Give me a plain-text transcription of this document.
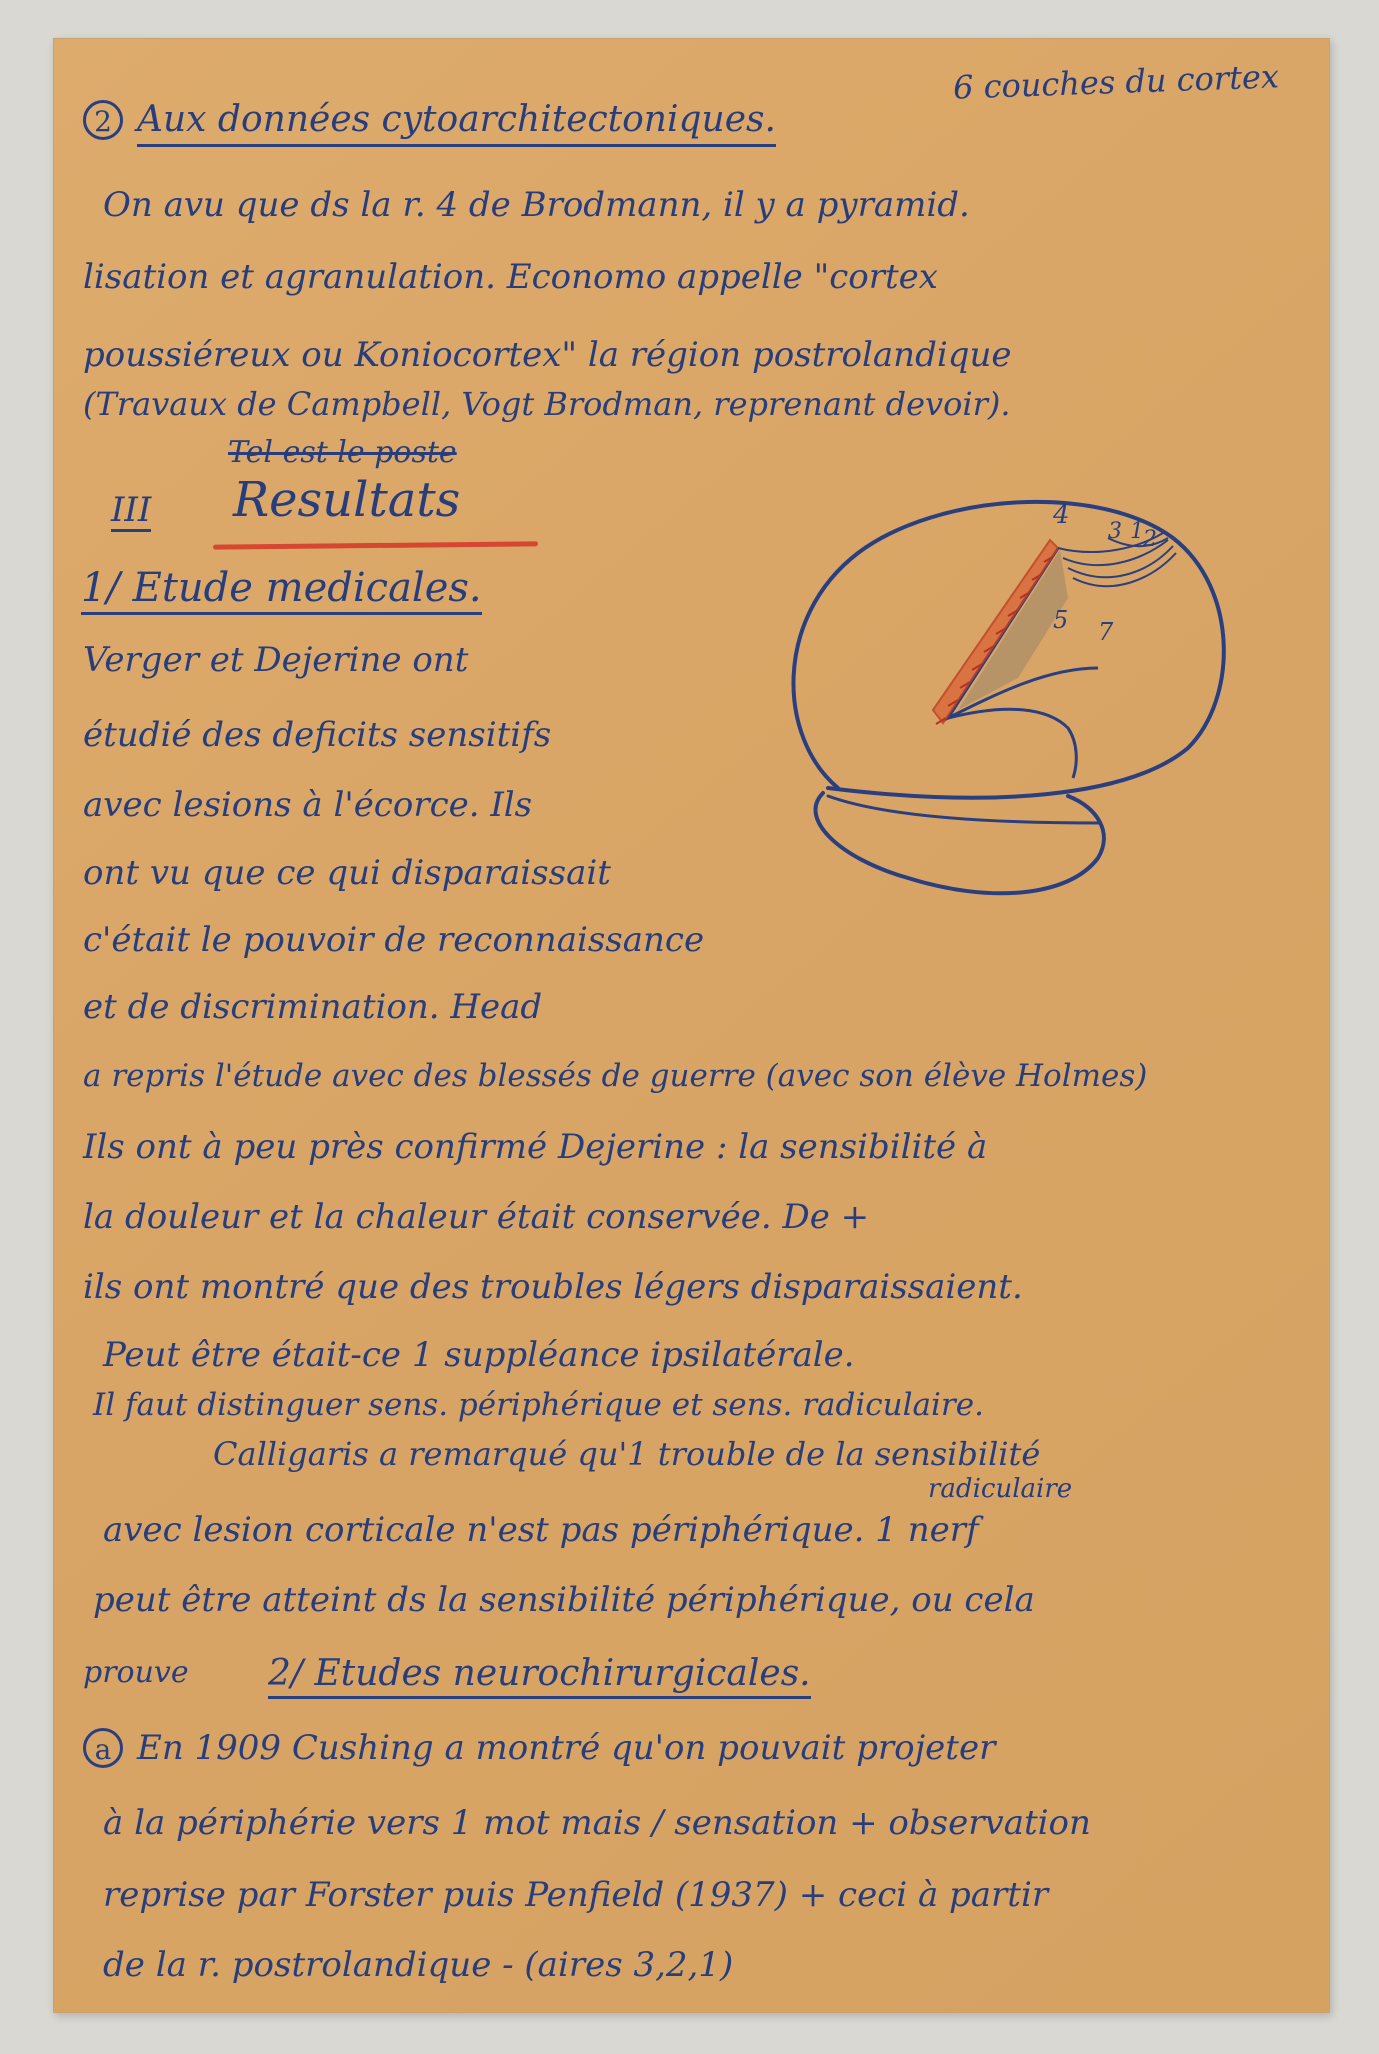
6 couches du cortex
2 Aux données cytoarchitectoniques.
On avu que ds la r. 4 de Brodmann, il y a pyramid.
lisation et agranulation. Economo appelle "cortex
poussiéreux ou Koniocortex" la région postrolandique
(Travaux de Campbell, Vogt Brodman, reprenant devoir).
Tel est le poste
III Resultats
1/ Etude medicales.
Verger et Dejerine ont
étudié des deficits sensitifs
avec lesions à l'écorce. Ils
ont vu que ce qui disparaissait
c'était le pouvoir de reconnaissance
et de discrimination. Head
a repris l'étude avec des blessés de guerre (avec son élève Holmes)
Ils ont à peu près confirmé Dejerine : la sensibilité à
la douleur et la chaleur était conservée. De +
ils ont montré que des troubles légers disparaissaient.
Peut être était-ce 1 suppléance ipsilatérale.
Il faut distinguer sens. périphérique et sens. radiculaire.
Calligaris a remarqué qu'1 trouble de la sensibilité
radiculaire
avec lesion corticale n'est pas périphérique. 1 nerf
peut être atteint ds la sensibilité périphérique, ou cela
prouve 2/ Etudes neurochirurgicales.
a En 1909 Cushing a montré qu'on pouvait projeter
à la périphérie vers 1 mot mais / sensation + observation
reprise par Forster puis Penfield (1937) + ceci à partir
de la r. postrolandique - (aires 3,2,1)
4
3 1 2
5 7
